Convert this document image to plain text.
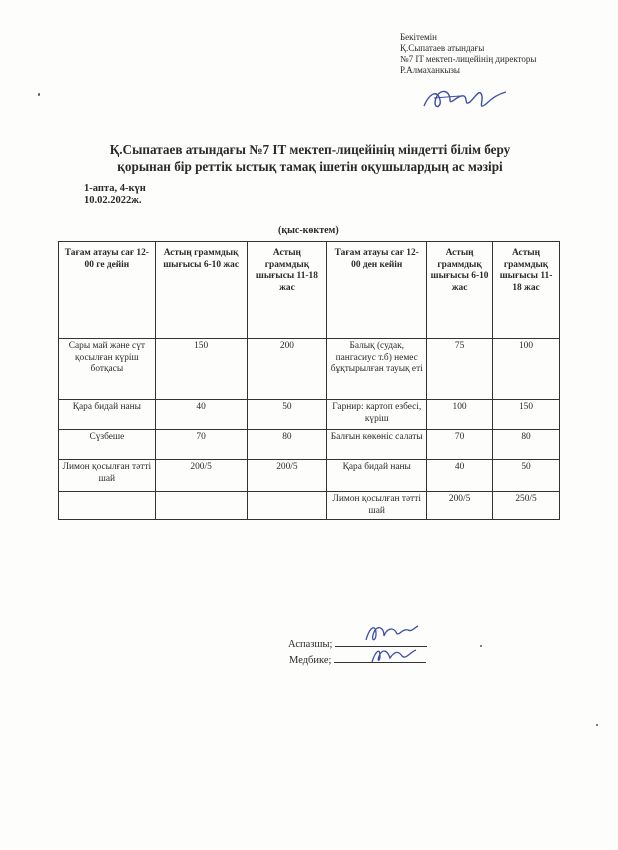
Бекітемін
Қ.Сыпатаев атындағы
№7 IT мектеп-лицейінің директоры
Р.Алмаханкызы
Қ.Сыпатаев атындағы №7 IT мектеп-лицейінің міндетті білім беру
қорынан бір реттік ыстық тамақ ішетін оқушылардың ас мәзірі
1-апта, 4-күн
10.02.2022ж.
(қыс-көктем)
Тағам атауы сағ 12-00 ге дейін	Астың граммдық шығысы 6-10 жас	Астың граммдық шығысы 11-18 жас	Тағам атауы сағ 12-00 ден кейін	Астың граммдық шығысы 6-10 жас	Астың граммдық шығысы 11-18 жас
Сары май және сүт қосылған күріш ботқасы	150	200	Балық (судак, пангасиус т.б) немес бұқтырылған тауық еті	75	100
Қара бидай наны	40	50	Гарнир: картоп езбесі, күріш	100	150
Сүзбеше	70	80	Балғын көкөніс салаты	70	80
Лимон қосылған тәтті шай	200/5	200/5	Қара бидай наны	40	50
			Лимон қосылған тәтті шай	200/5	250/5
Аспазшы;
Медбике;
